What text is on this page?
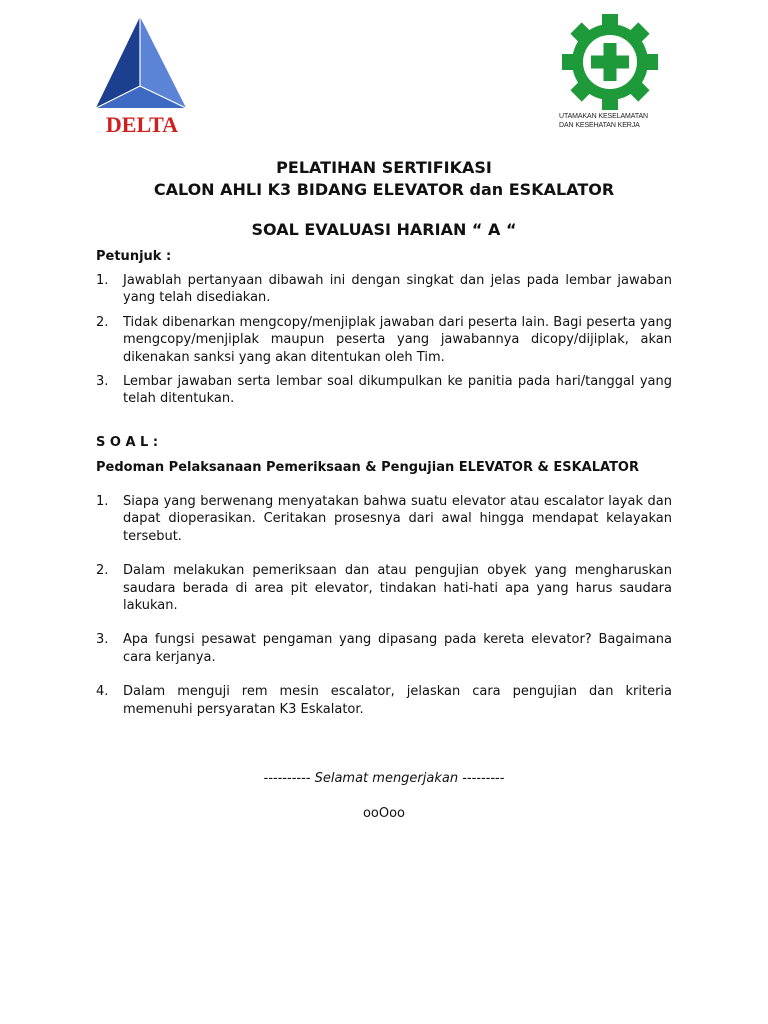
DELTA	UTAMAKAN KESELAMATAN
DAN KESEHATAN KERJA
PELATIHAN SERTIFIKASI
CALON AHLI K3 BIDANG ELEVATOR dan ESKALATOR
SOAL EVALUASI HARIAN “ A “
Petunjuk :
1. Jawablah pertanyaan dibawah ini dengan singkat dan jelas pada lembar jawaban yang telah disediakan.
2. Tidak dibenarkan mengcopy/menjiplak jawaban dari peserta lain. Bagi peserta yang mengcopy/menjiplak maupun peserta yang jawabannya dicopy/dijiplak, akan dikenakan sanksi yang akan ditentukan oleh Tim.
3. Lembar jawaban serta lembar soal dikumpulkan ke panitia pada hari/tanggal yang telah ditentukan.
S O A L :
Pedoman Pelaksanaan Pemeriksaan & Pengujian ELEVATOR & ESKALATOR
1. Siapa yang berwenang menyatakan bahwa suatu elevator atau escalator layak dan dapat dioperasikan. Ceritakan prosesnya dari awal hingga mendapat kelayakan tersebut.
2. Dalam melakukan pemeriksaan dan atau pengujian obyek yang mengharuskan saudara berada di area pit elevator, tindakan hati-hati apa yang harus saudara lakukan.
3. Apa fungsi pesawat pengaman yang dipasang pada kereta elevator? Bagaimana cara kerjanya.
4. Dalam menguji rem mesin escalator, jelaskan cara pengujian dan kriteria memenuhi persyaratan K3 Eskalator.
---------- Selamat mengerjakan ---------
ooOoo
